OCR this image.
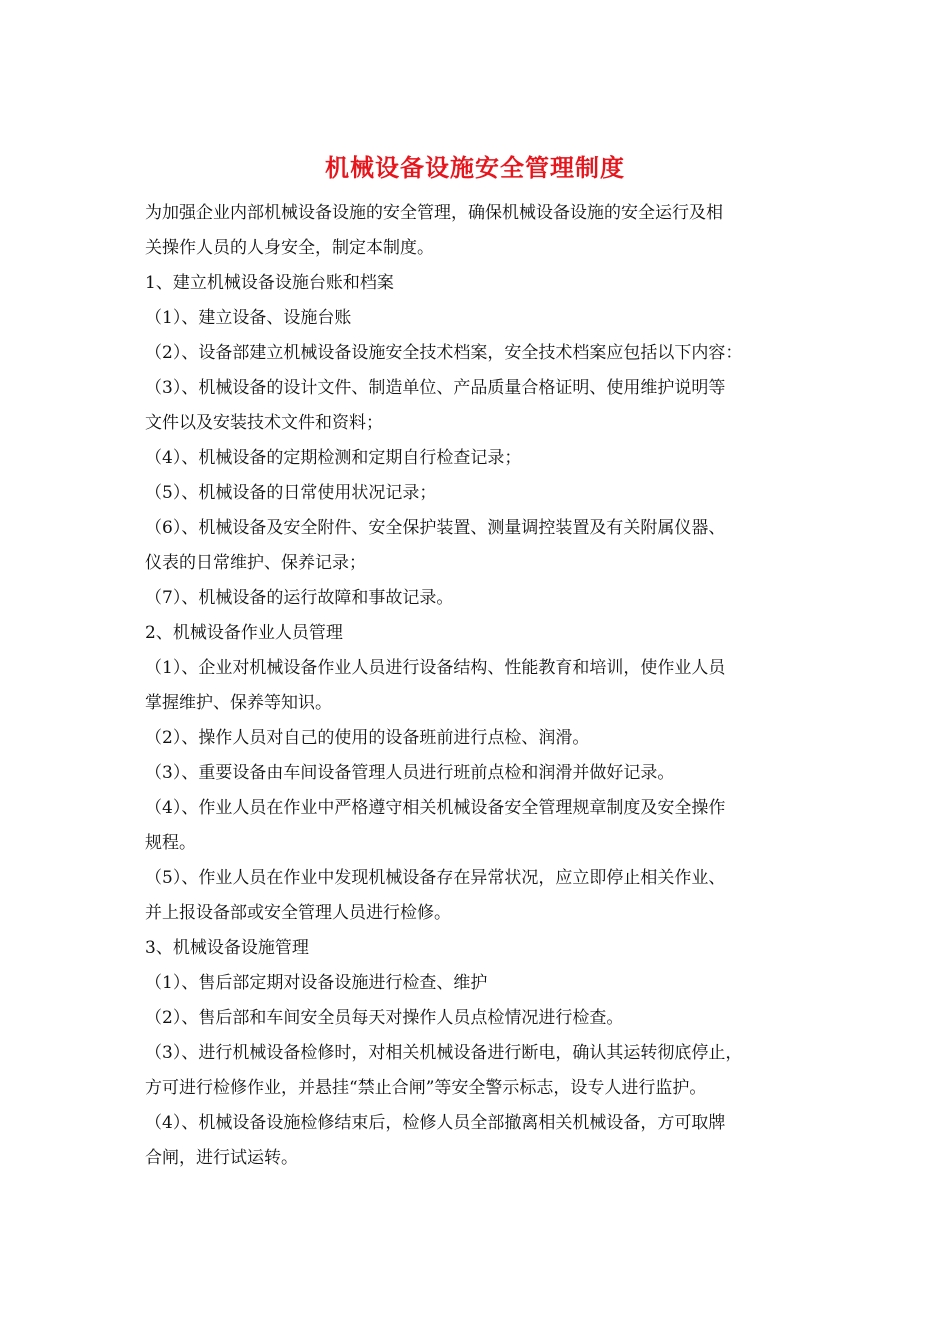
机械设备设施安全管理制度
为加强企业内部机械设备设施的安全管理，确保机械设备设施的安全运行及相
关操作人员的人身安全，制定本制度。
1、建立机械设备设施台账和档案
（1）、建立设备、设施台账
（2）、设备部建立机械设备设施安全技术档案，安全技术档案应包括以下内容：
（3）、机械设备的设计文件、制造单位、产品质量合格证明、使用维护说明等
文件以及安装技术文件和资料；
（4）、机械设备的定期检测和定期自行检查记录；
（5）、机械设备的日常使用状况记录；
（6）、机械设备及安全附件、安全保护装置、测量调控装置及有关附属仪器、
仪表的日常维护、保养记录；
（7）、机械设备的运行故障和事故记录。
2、机械设备作业人员管理
（1）、企业对机械设备作业人员进行设备结构、性能教育和培训，使作业人员
掌握维护、保养等知识。
（2）、操作人员对自己的使用的设备班前进行点检、润滑。
（3）、重要设备由车间设备管理人员进行班前点检和润滑并做好记录。
（4）、作业人员在作业中严格遵守相关机械设备安全管理规章制度及安全操作
规程。
（5）、作业人员在作业中发现机械设备存在异常状况，应立即停止相关作业、
并上报设备部或安全管理人员进行检修。
3、机械设备设施管理
（1）、售后部定期对设备设施进行检查、维护
（2）、售后部和车间安全员每天对操作人员点检情况进行检查。
（3）、进行机械设备检修时，对相关机械设备进行断电，确认其运转彻底停止，
方可进行检修作业，并悬挂“禁止合闸”等安全警示标志，设专人进行监护。
（4）、机械设备设施检修结束后，检修人员全部撤离相关机械设备，方可取牌
合闸，进行试运转。
